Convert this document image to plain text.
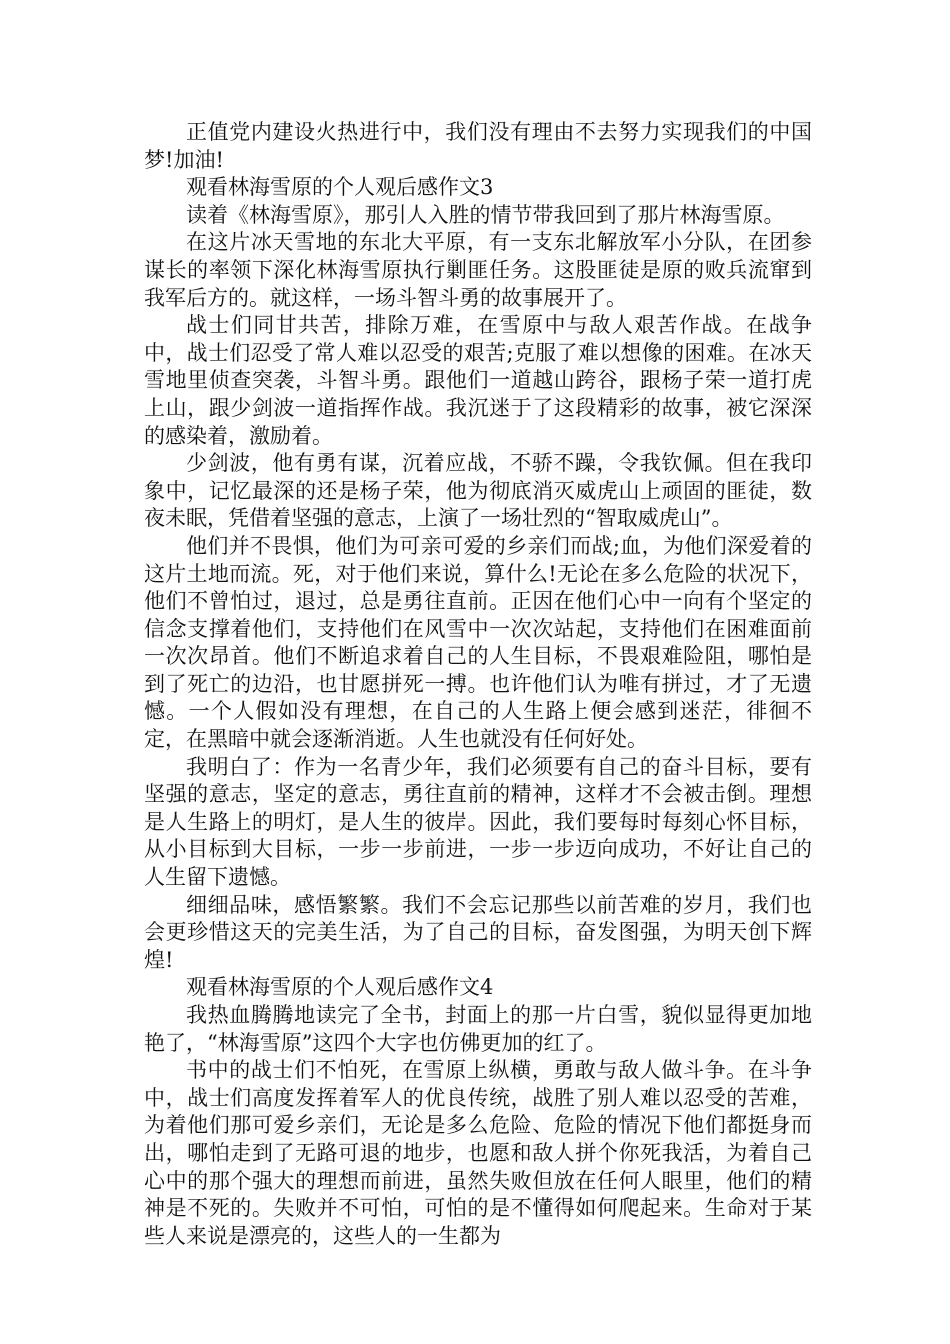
正值党内建设火热进行中，我们没有理由不去努力实现我们的中国梦!加油!

观看林海雪原的个人观后感作文3

读着《林海雪原》，那引人入胜的情节带我回到了那片林海雪原。

在这片冰天雪地的东北大平原，有一支东北解放军小分队，在团参谋长的率领下深化林海雪原执行剿匪任务。这股匪徒是原的败兵流窜到我军后方的。就这样，一场斗智斗勇的故事展开了。

战士们同甘共苦，排除万难，在雪原中与敌人艰苦作战。在战争中，战士们忍受了常人难以忍受的艰苦;克服了难以想像的困难。在冰天雪地里侦查突袭，斗智斗勇。跟他们一道越山跨谷，跟杨子荣一道打虎上山，跟少剑波一道指挥作战。我沉迷于了这段精彩的故事，被它深深的感染着，激励着。

少剑波，他有勇有谋，沉着应战，不骄不躁，令我钦佩。但在我印象中，记忆最深的还是杨子荣，他为彻底消灭威虎山上顽固的匪徒，数夜未眠，凭借着坚强的意志，上演了一场壮烈的“智取威虎山”。

他们并不畏惧，他们为可亲可爱的乡亲们而战;血，为他们深爱着的这片土地而流。死，对于他们来说，算什么!无论在多么危险的状况下，他们不曾怕过，退过，总是勇往直前。正因在他们心中一向有个坚定的信念支撑着他们，支持他们在风雪中一次次站起，支持他们在困难面前一次次昂首。他们不断追求着自己的人生目标，不畏艰难险阻，哪怕是到了死亡的边沿，也甘愿拼死一搏。也许他们认为唯有拼过，才了无遗憾。一个人假如没有理想，在自己的人生路上便会感到迷茫，徘徊不定，在黑暗中就会逐渐消逝。人生也就没有任何好处。

我明白了：作为一名青少年，我们必须要有自己的奋斗目标，要有坚强的意志，坚定的意志，勇往直前的精神，这样才不会被击倒。理想是人生路上的明灯，是人生的彼岸。因此，我们要每时每刻心怀目标，从小目标到大目标，一步一步前进，一步一步迈向成功，不好让自己的人生留下遗憾。

细细品味，感悟繁繁。我们不会忘记那些以前苦难的岁月，我们也会更珍惜这天的完美生活，为了自己的目标，奋发图强，为明天创下辉煌!

观看林海雪原的个人观后感作文4

我热血腾腾地读完了全书，封面上的那一片白雪，貌似显得更加地艳了，“林海雪原”这四个大字也仿佛更加的红了。

书中的战士们不怕死，在雪原上纵横，勇敢与敌人做斗争。在斗争中，战士们高度发挥着军人的优良传统，战胜了别人难以忍受的苦难，为着他们那可爱乡亲们，无论是多么危险、危险的情况下他们都挺身而出，哪怕走到了无路可退的地步，也愿和敌人拼个你死我活，为着自己心中的那个强大的理想而前进，虽然失败但放在任何人眼里，他们的精神是不死的。失败并不可怕，可怕的是不懂得如何爬起来。生命对于某些人来说是漂亮的，这些人的一生都为
